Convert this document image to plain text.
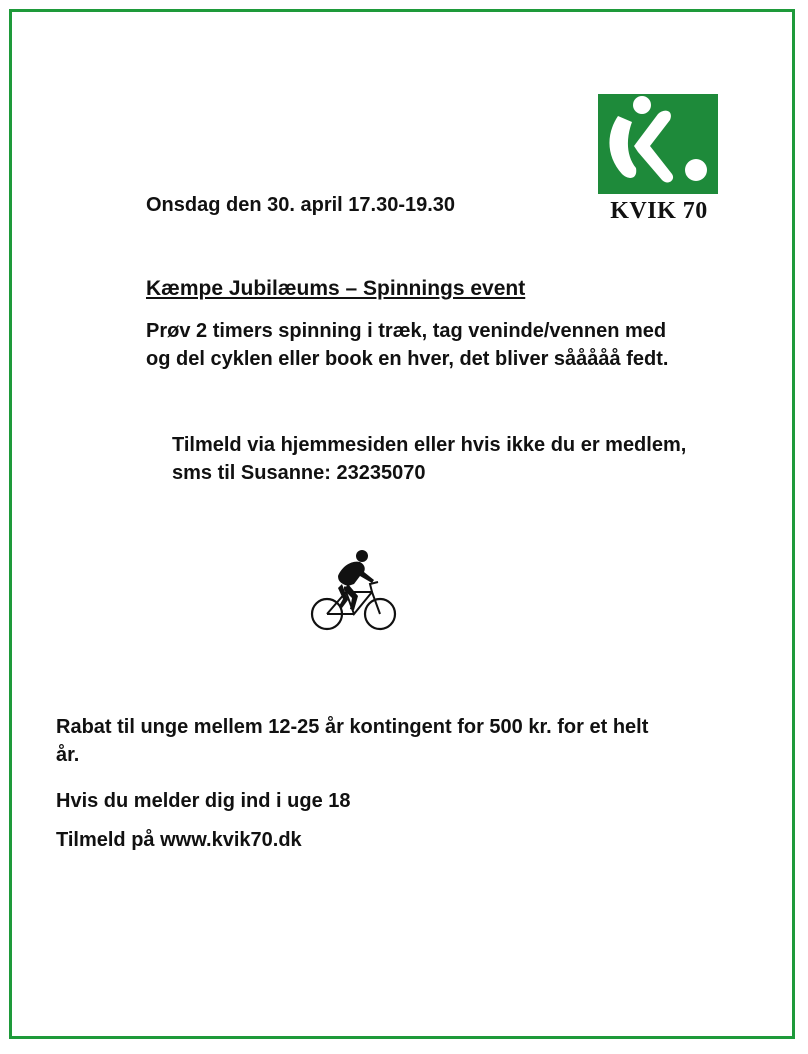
KVIK 70
Onsdag den 30. april 17.30-19.30
Kæmpe Jubilæums – Spinnings event
Prøv 2 timers spinning i træk, tag veninde/vennen med
og del cyklen eller book en hver, det bliver sååååå fedt.
Tilmeld via hjemmesiden eller hvis ikke du er medlem,
sms til Susanne: 23235070
Rabat til unge mellem 12-25 år kontingent for 500 kr. for et helt
år.
Hvis du melder dig ind i uge 18
Tilmeld på www.kvik70.dk
